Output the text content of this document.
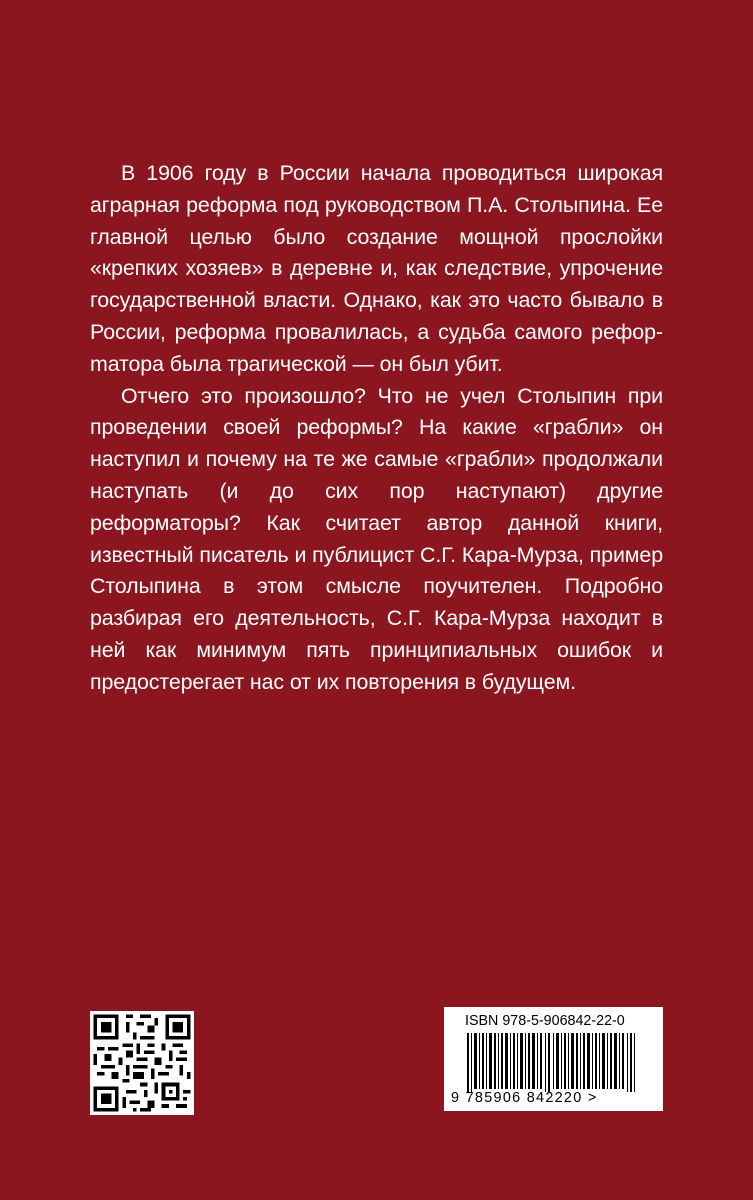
В 1906 году в России начала проводиться широкая аграрная реформа под руководством П.А. Столыпина. Ее главной целью было создание мощной прослойки «крепких хозяев» в деревне и, как следствие, упрочение государственной власти. Однако, как это часто бывало в России, реформа провалилась, а судьба самого рефорmатора была трагической — он был убит.

Отчего это произошло? Что не учел Столыпин при проведении своей реформы? На какие «грабли» он наступил и почему на те же самые «грабли» продолжали наступать (и до сих пор наступают) другие реформаторы? Как считает автор данной книги, известный писатель и публицист С.Г. Кара-Мурза, пример Столыпина в этом смысле поучителен. Подробно разбирая его деятельность, С.Г. Кара-Мурза находит в ней как минимум пять принципиальных ошибок и предостерегает нас от их повторения в будущем.

ISBN 978-5-906842-22-0
9 785906 842220 >
